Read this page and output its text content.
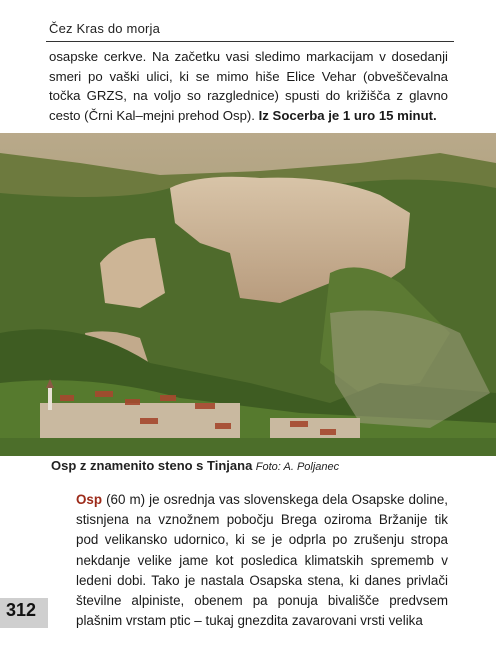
Čez Kras do morja

osapske cerkve. Na začetku vasi sledimo markacijam v dosedanji smeri po vaški ulici, ki se mimo hiše Elice Vehar (obveščevalna točka GRZS, na voljo so razglednice) spusti do križišča z glavno cesto (Črni Kal–mejni prehod Osp). Iz Socerba je 1 uro 15 minut.

Osp z znamenito steno s Tinjana Foto: A. Poljanec

Osp (60 m) je osrednja vas slovenskega dela Osapske doline, stisnjena na vznožnem pobočju Brega oziroma Bržanije tik pod velikansko udornico, ki se je odprla po zrušenju stropa nekdanje velike jame kot posledica klimatskih sprememb v ledeni dobi. Tako je nastala Osapska stena, ki danes privlači številne alpiniste, obenem pa ponuja bivališče predvsem plašnim vrstam ptic – tukaj gnezdita zavarovani vrsti velika

312
